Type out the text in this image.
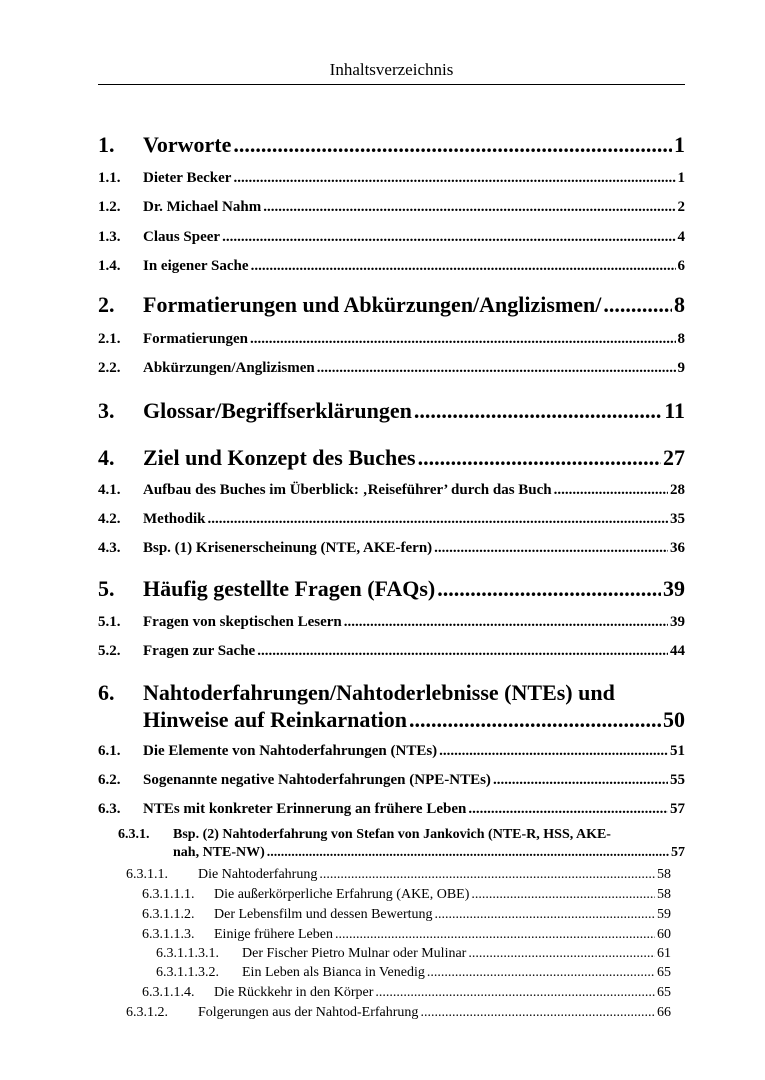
Inhaltsverzeichnis
1.	Vorworte .....	1
1.1.	Dieter Becker .....	1
1.2.	Dr. Michael Nahm .....	2
1.3.	Claus Speer .....	4
1.4.	In eigener Sache .....	6
2.	Formatierungen und Abkürzungen/Anglizismen/ .....	8
2.1.	Formatierungen .....	8
2.2.	Abkürzungen/Anglizismen .....	9
3.	Glossar/Begriffserklärungen .....	11
4.	Ziel und Konzept des Buches .....	27
4.1.	Aufbau des Buches im Überblick: ‚Reiseführer’ durch das Buch .....	28
4.2.	Methodik .....	35
4.3.	Bsp. (1) Krisenerscheinung (NTE, AKE-fern) .....	36
5.	Häufig gestellte Fragen (FAQs) .....	39
5.1.	Fragen von skeptischen Lesern .....	39
5.2.	Fragen zur Sache .....	44
6. Nahtoderfahrungen/Nahtoderlebnisse (NTEs) und
Hinweise auf Reinkarnation .....	50
6.1.	Die Elemente von Nahtoderfahrungen (NTEs) .....	51
6.2.	Sogenannte negative Nahtoderfahrungen (NPE-NTEs) .....	55
6.3.	NTEs mit konkreter Erinnerung an frühere Leben .....	57
6.3.1. Bsp. (2) Nahtoderfahrung von Stefan von Jankovich (NTE-R, HSS, AKE-
nah, NTE-NW) .....	57
6.3.1.1.	Die Nahtoderfahrung .....	58
6.3.1.1.1.	Die außerkörperliche Erfahrung (AKE, OBE) .....	58
6.3.1.1.2.	Der Lebensfilm und dessen Bewertung .....	59
6.3.1.1.3.	Einige frühere Leben .....	60
6.3.1.1.3.1.	Der Fischer Pietro Mulnar oder Mulinar .....	61
6.3.1.1.3.2.	Ein Leben als Bianca in Venedig .....	65
6.3.1.1.4.	Die Rückkehr in den Körper .....	65
6.3.1.2.	Folgerungen aus der Nahtod-Erfahrung .....	66
